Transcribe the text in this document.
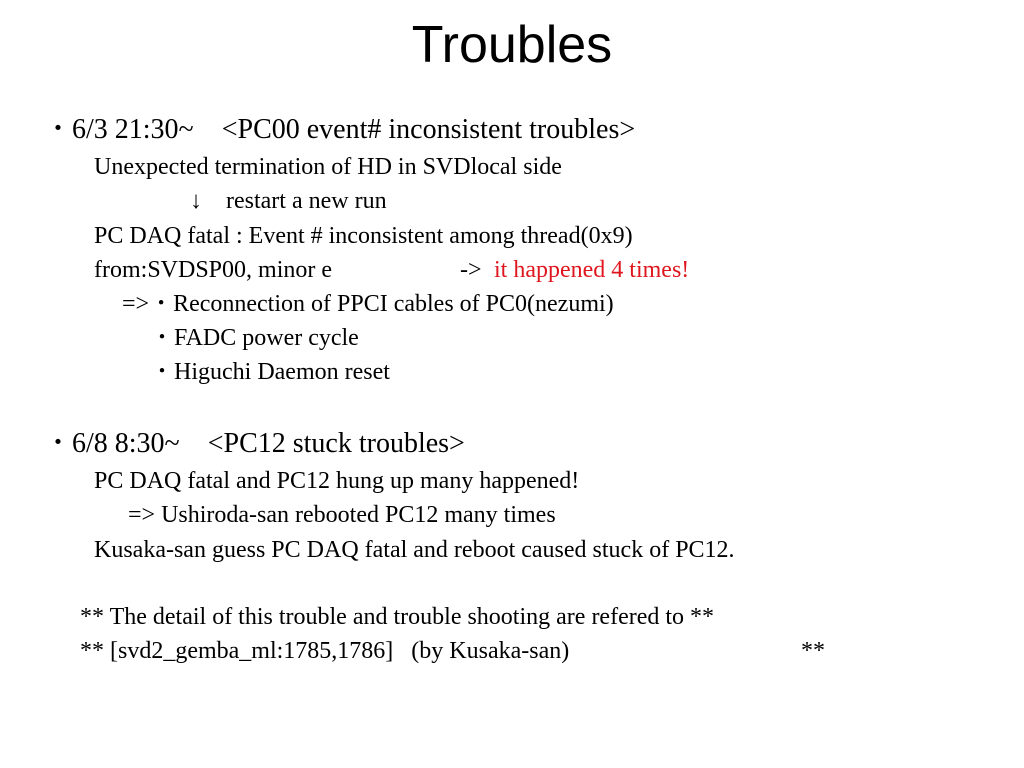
Troubles
・6/3 21:30~　<PC00 event# inconsistent troubles>
Unexpected termination of HD in SVDlocal side
↓ restart a new run
PC DAQ fatal : Event # inconsistent among thread(0x9)
from:SVDSP00, minor e	-> it happened 4 times!
=>・Reconnection of PPCI cables of PC0(nezumi)
・FADC power cycle
・Higuchi Daemon reset
・6/8 8:30~　<PC12 stuck troubles>
PC DAQ fatal and PC12 hung up many happened!
=> Ushiroda-san rebooted PC12 many times
Kusaka-san guess PC DAQ fatal and reboot caused stuck of PC12.
** The detail of this trouble and trouble shooting are refered to **
** [svd2_gemba_ml:1785,1786]   (by Kusaka-san)	**
